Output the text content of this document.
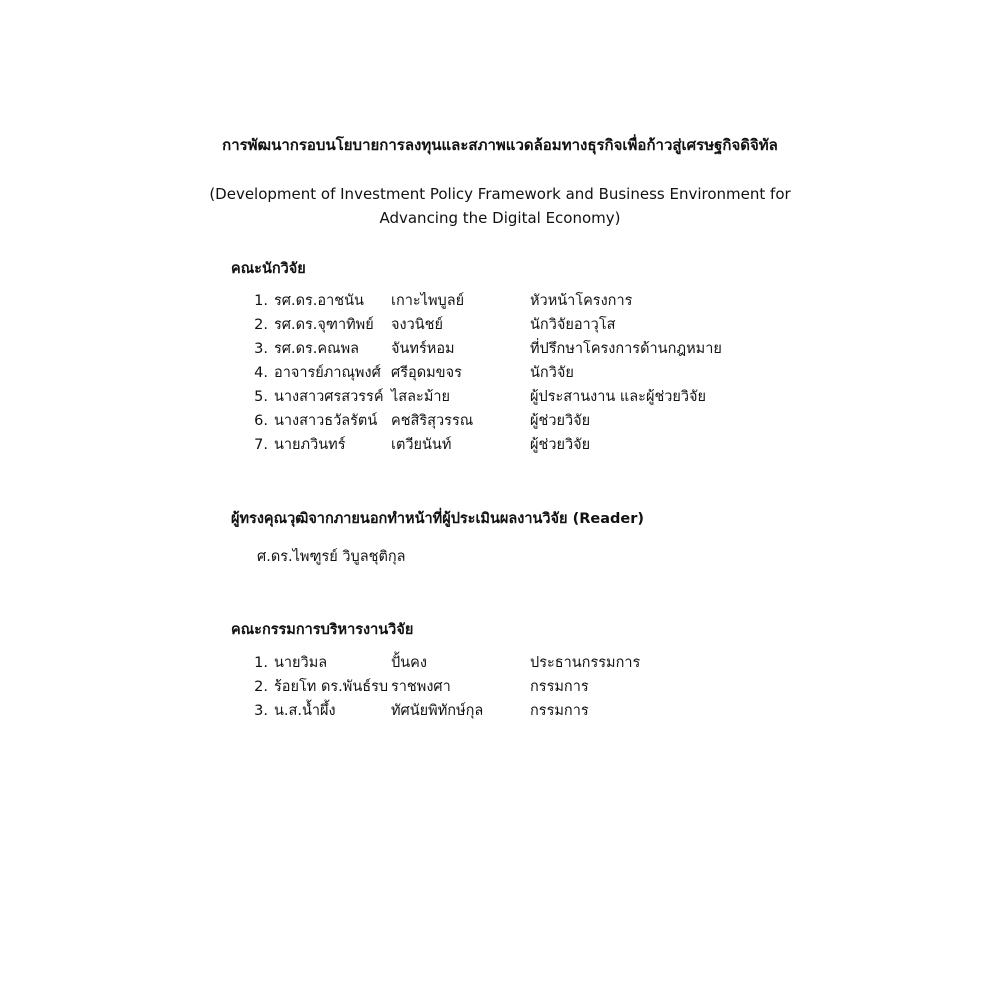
การพัฒนากรอบนโยบายการลงทุนและสภาพแวดล้อมทางธุรกิจเพื่อก้าวสู่เศรษฐกิจดิจิทัล
(Development of Investment Policy Framework and Business Environment for
Advancing the Digital Economy)
คณะนักวิจัย
1. รศ.ดร.อาชนัน เกาะไพบูลย์	หัวหน้าโครงการ
2. รศ.ดร.จุฑาทิพย์ จงวนิชย์	นักวิจัยอาวุโส
3. รศ.ดร.คณพล จันทร์หอม	ที่ปรึกษาโครงการด้านกฎหมาย
4. อาจารย์ภาณุพงศ์ ศรีอุดมขจร	นักวิจัย
5. นางสาวศรสวรรค์ ไสละม้าย	ผู้ประสานงาน และผู้ช่วยวิจัย
6. นางสาวธวัลรัตน์ คชสิริสุวรรณ	ผู้ช่วยวิจัย
7. นายภวินทร์	เตวียนันท์	ผู้ช่วยวิจัย
ผู้ทรงคุณวุฒิจากภายนอกทำหน้าที่ผู้ประเมินผลงานวิจัย (Reader)
ศ.ดร.ไพฑูรย์ วิบูลชุติกุล
คณะกรรมการบริหารงานวิจัย
1. นายวิมล	ปั้นคง	ประธานกรรมการ
2. ร้อยโท ดร.พันธ์รบ ราชพงศา	กรรมการ
3. น.ส.น้ำผึ้ง	ทัศนัยพิทักษ์กุล	กรรมการ
